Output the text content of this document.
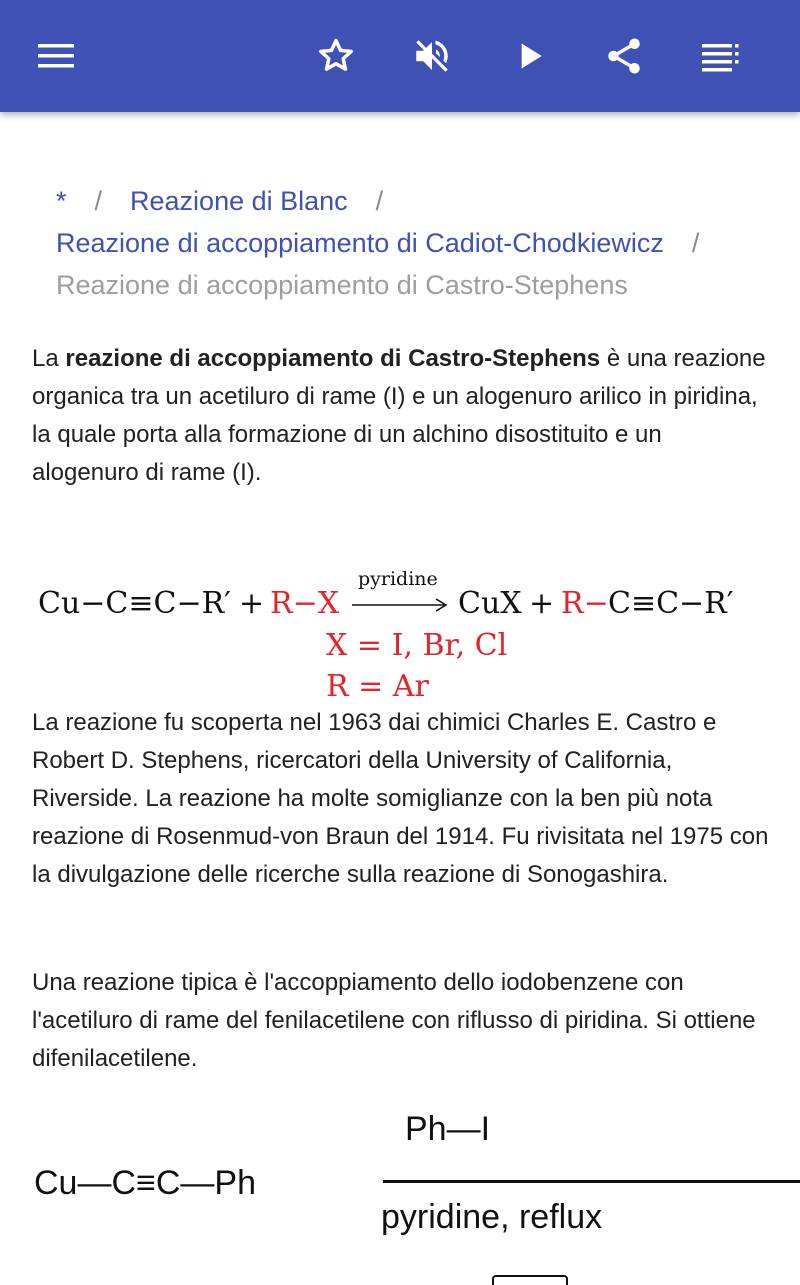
* / Reazione di Blanc /
Reazione di accoppiamento di Cadiot-Chodkiewicz /
Reazione di accoppiamento di Castro-Stephens
La reazione di accoppiamento di Castro-Stephens è una reazione organica tra un acetiluro di rame (I) e un alogenuro arilico in piridina, la quale porta alla formazione di un alchino disostituito e un alogenuro di rame (I).
Cu−C≡C−R′ + R−X
pyridine
CuX + R− C≡C−R′
X = I, Br, Cl
R = Ar
La reazione fu scoperta nel 1963 dai chimici Charles E. Castro e Robert D. Stephens, ricercatori della University of California, Riverside. La reazione ha molte somiglianze con la ben più nota reazione di Rosenmud-von Braun del 1914. Fu rivisitata nel 1975 con la divulgazione delle ricerche sulla reazione di Sonogashira.
Una reazione tipica è l'accoppiamento dello iodobenzene con l'acetiluro di rame del fenilacetilene con riflusso di piridina. Si ottiene difenilacetilene.
Cu—C≡C—Ph
Ph—I
pyridine, reflux
